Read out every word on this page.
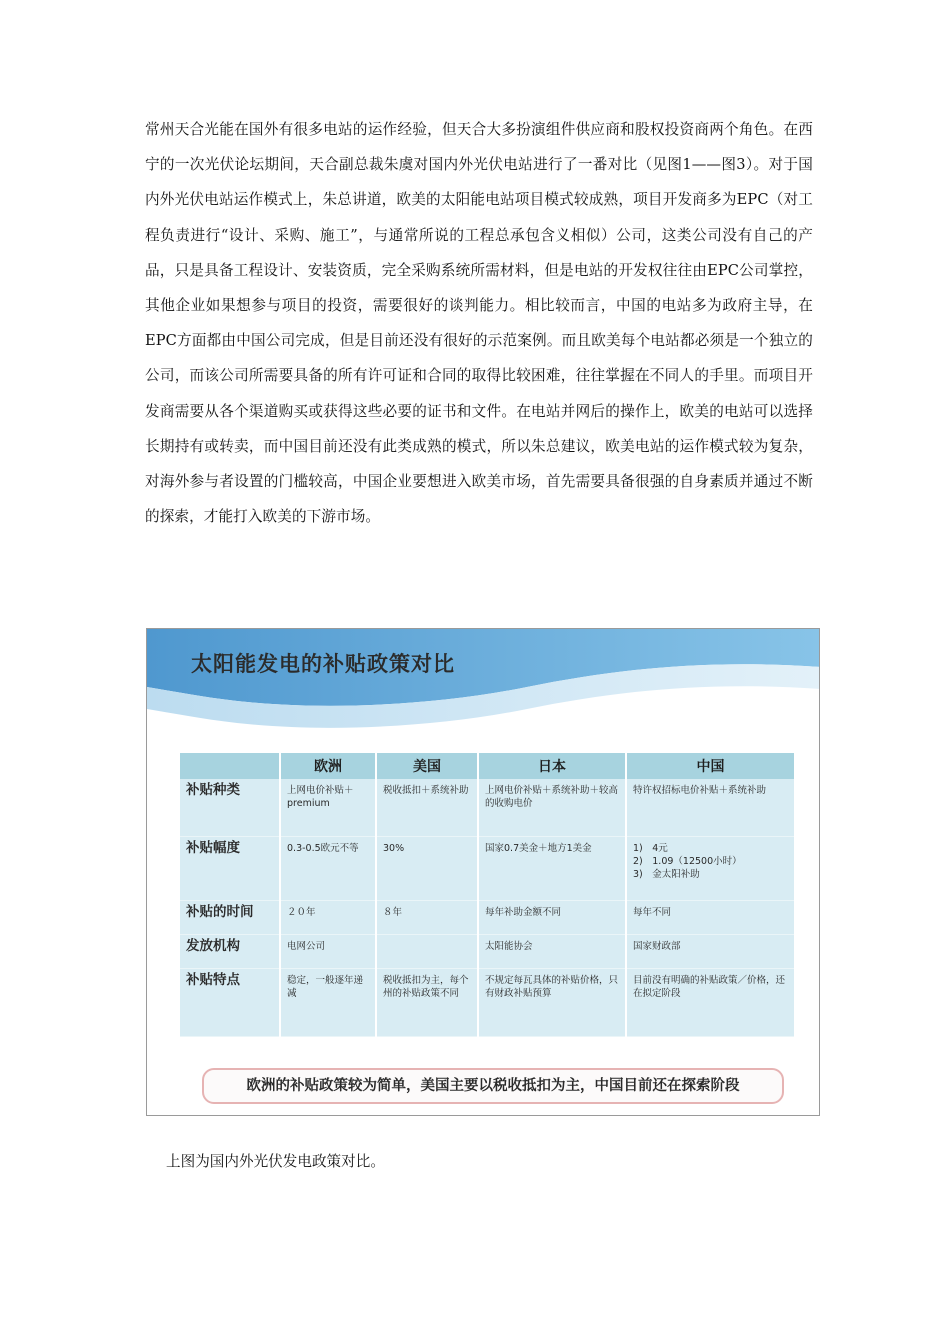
常州天合光能在国外有很多电站的运作经验，但天合大多扮演组件供应商和股权投资商两个角色。在西宁的一次光伏论坛期间，天合副总裁朱虞对国内外光伏电站进行了一番对比（见图1——图3）。对于国内外光伏电站运作模式上，朱总讲道，欧美的太阳能电站项目模式较成熟，项目开发商多为EPC（对工程负责进行“设计、采购、施工”，与通常所说的工程总承包含义相似）公司，这类公司没有自己的产品，只是具备工程设计、安装资质，完全采购系统所需材料，但是电站的开发权往往由EPC公司掌控，其他企业如果想参与项目的投资，需要很好的谈判能力。相比较而言，中国的电站多为政府主导，在EPC方面都由中国公司完成，但是目前还没有很好的示范案例。而且欧美每个电站都必须是一个独立的公司，而该公司所需要具备的所有许可证和合同的取得比较困难，往往掌握在不同人的手里。而项目开发商需要从各个渠道购买或获得这些必要的证书和文件。在电站并网后的操作上，欧美的电站可以选择长期持有或转卖，而中国目前还没有此类成熟的模式，所以朱总建议，欧美电站的运作模式较为复杂，对海外参与者设置的门槛较高，中国企业要想进入欧美市场，首先需要具备很强的自身素质并通过不断的探索，才能打入欧美的下游市场。

太阳能发电的补贴政策对比
	欧洲	美国	日本	中国
补贴种类	上网电价补贴＋premium	税收抵扣＋系统补助	上网电价补贴＋系统补助＋较高的收购电价	特许权招标电价补贴＋系统补助
补贴幅度	0.3-0.5欧元不等	30%	国家0.7美金＋地方1美金	1)　4元
2)　1.09（12500小时）
3)　金太阳补助
补贴的时间	２０年	８年	每年补助金额不同	每年不同
发放机构	电网公司		太阳能协会	国家财政部
补贴特点	稳定，一般逐年递减	税收抵扣为主，每个州的补贴政策不同	不规定每瓦具体的补贴价格，只有财政补贴预算	目前没有明确的补贴政策／价格，还在拟定阶段
欧洲的补贴政策较为简单，美国主要以税收抵扣为主，中国目前还在探索阶段

上图为国内外光伏发电政策对比。
